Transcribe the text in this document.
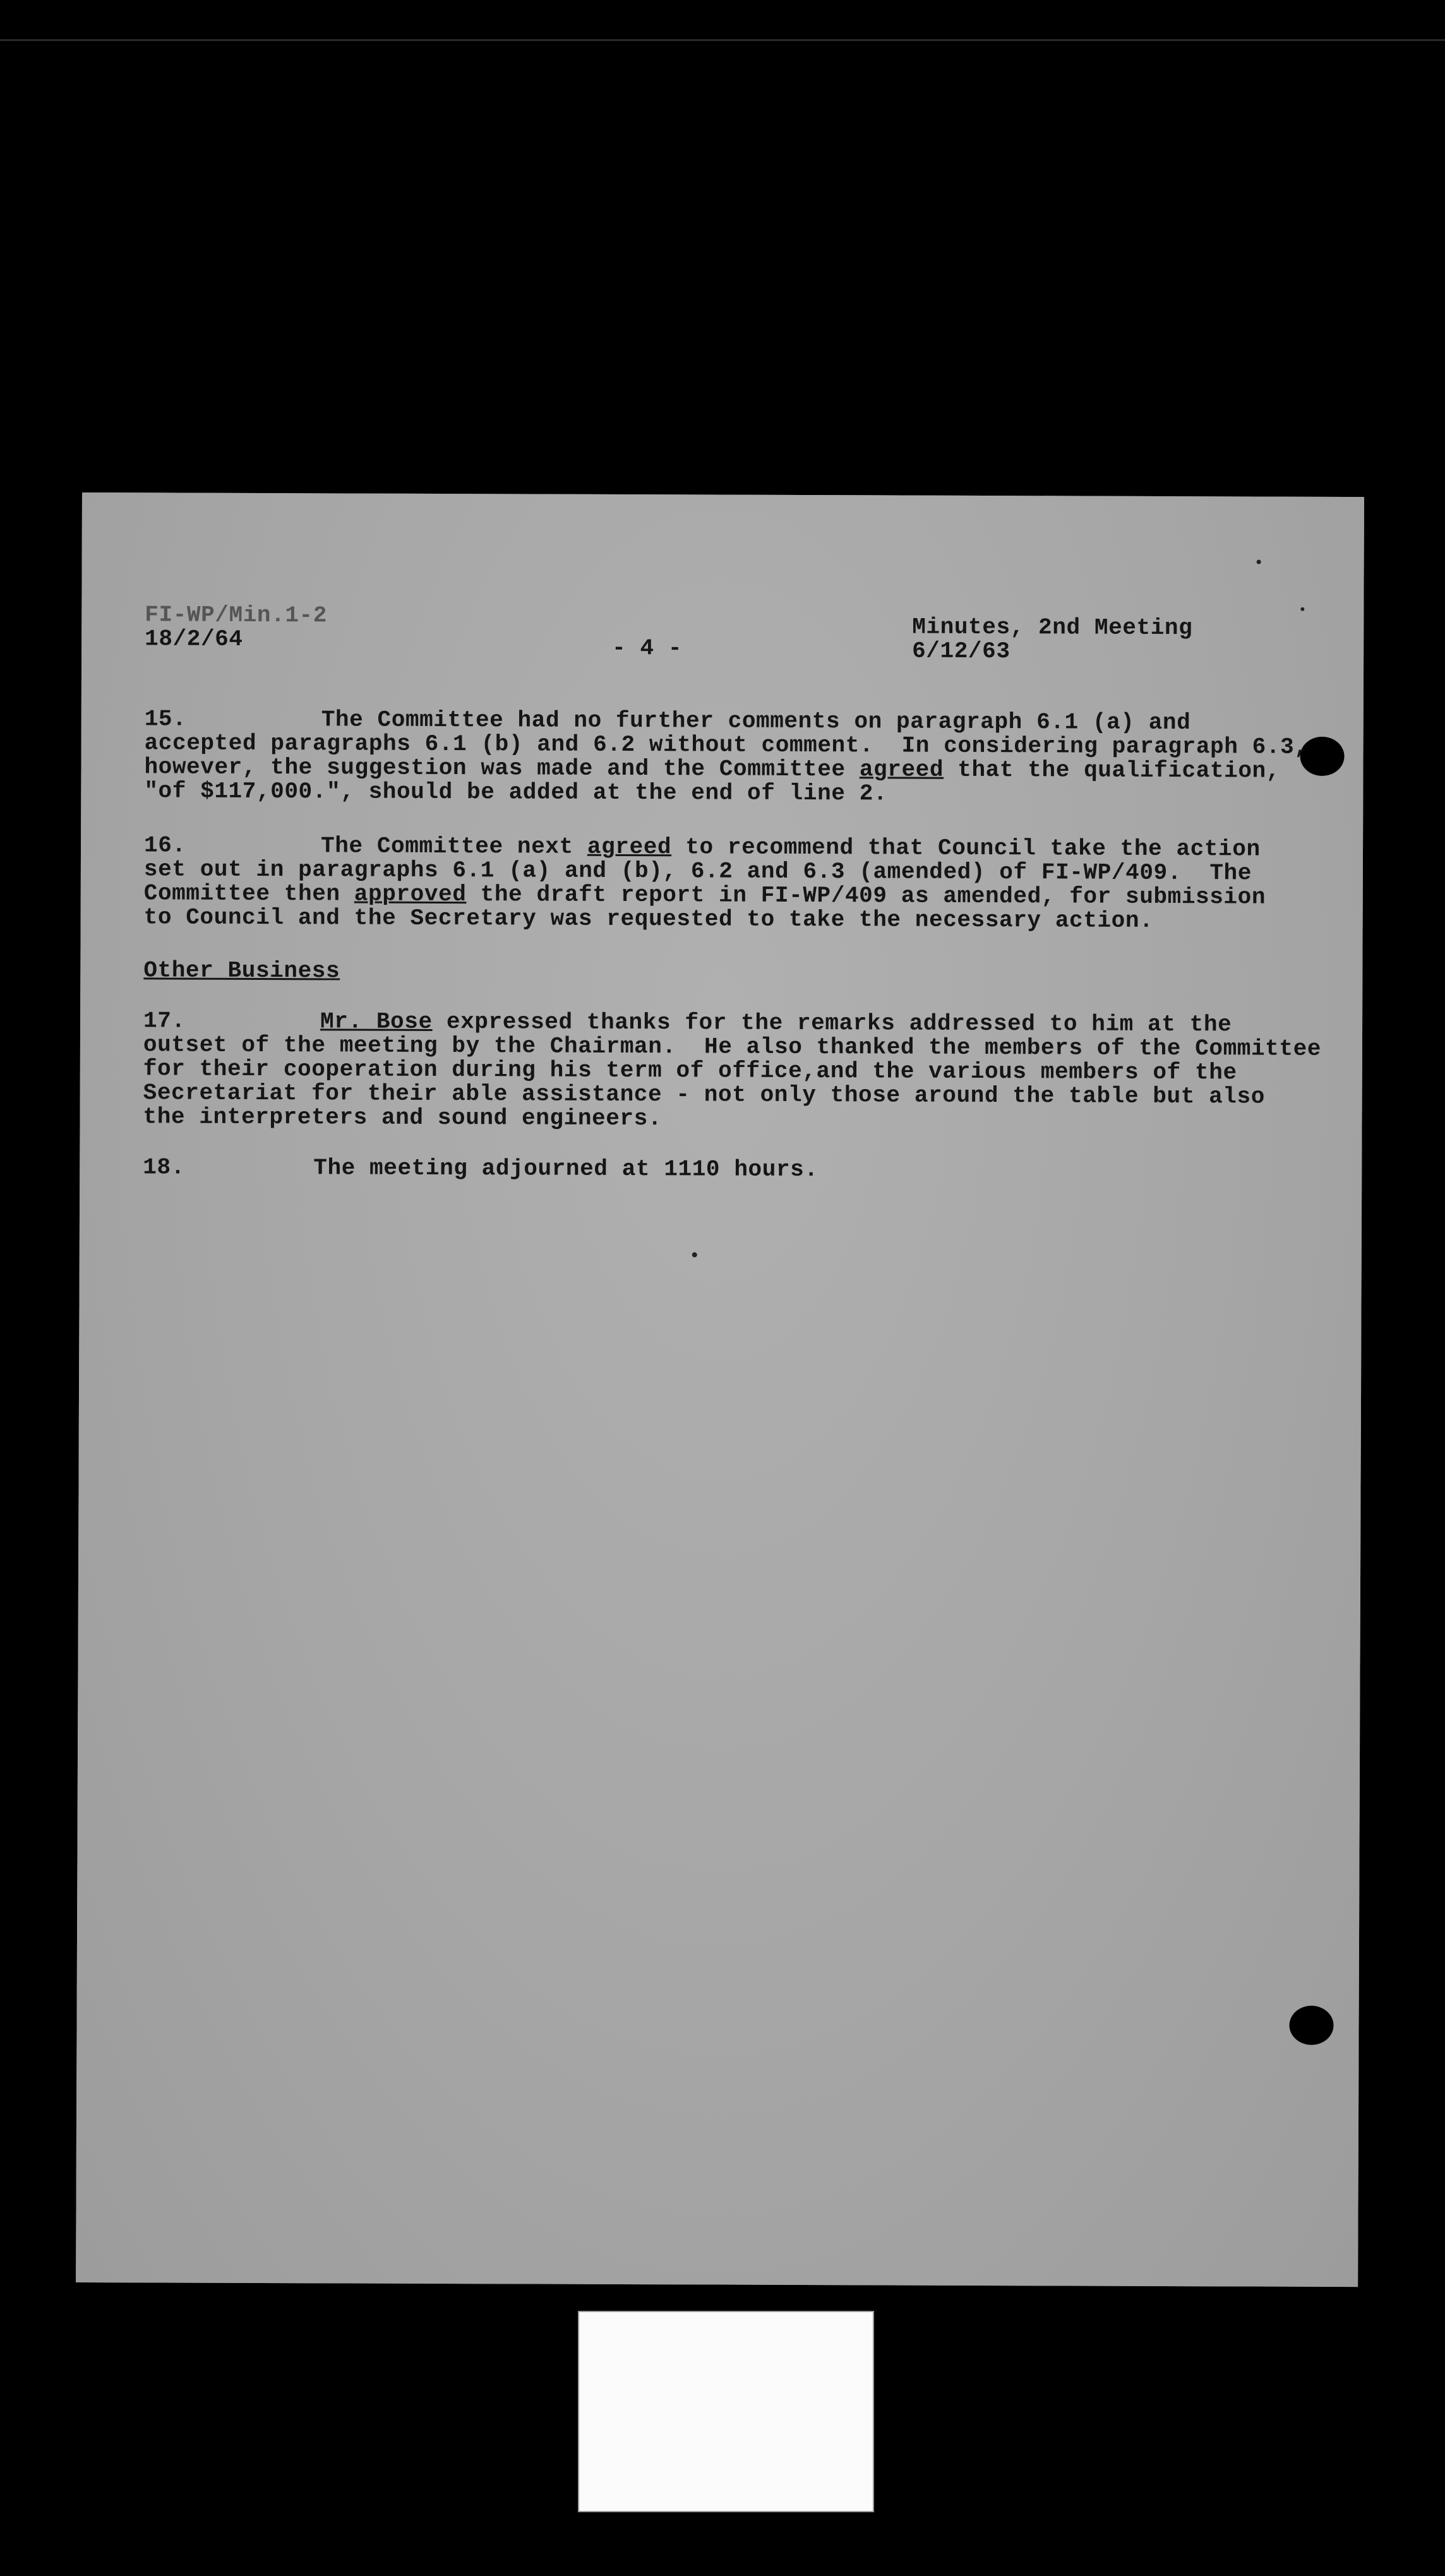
FI-WP/Min.1-2
18/2/64	- 4 -
Minutes, 2nd Meeting
6/12/63
15.	The Committee had no further comments on paragraph 6.1 (a) and
accepted paragraphs 6.1 (b) and 6.2 without comment.  In considering paragraph 6.3,
however, the suggestion was made and the Committee agreed that the qualification,
"of $117,000.", should be added at the end of line 2.
16.	The Committee next agreed to recommend that Council take the action
set out in paragraphs 6.1 (a) and (b), 6.2 and 6.3 (amended) of FI-WP/409.  The
Committee then approved the draft report in FI-WP/409 as amended, for submission
to Council and the Secretary was requested to take the necessary action.
Other Business
17.	Mr. Bose expressed thanks for the remarks addressed to him at the
outset of the meeting by the Chairman.  He also thanked the members of the Committee
for their cooperation during his term of office,and the various members of the
Secretariat for their able assistance - not only those around the table but also
the interpreters and sound engineers.
18.	The meeting adjourned at 1110 hours.
